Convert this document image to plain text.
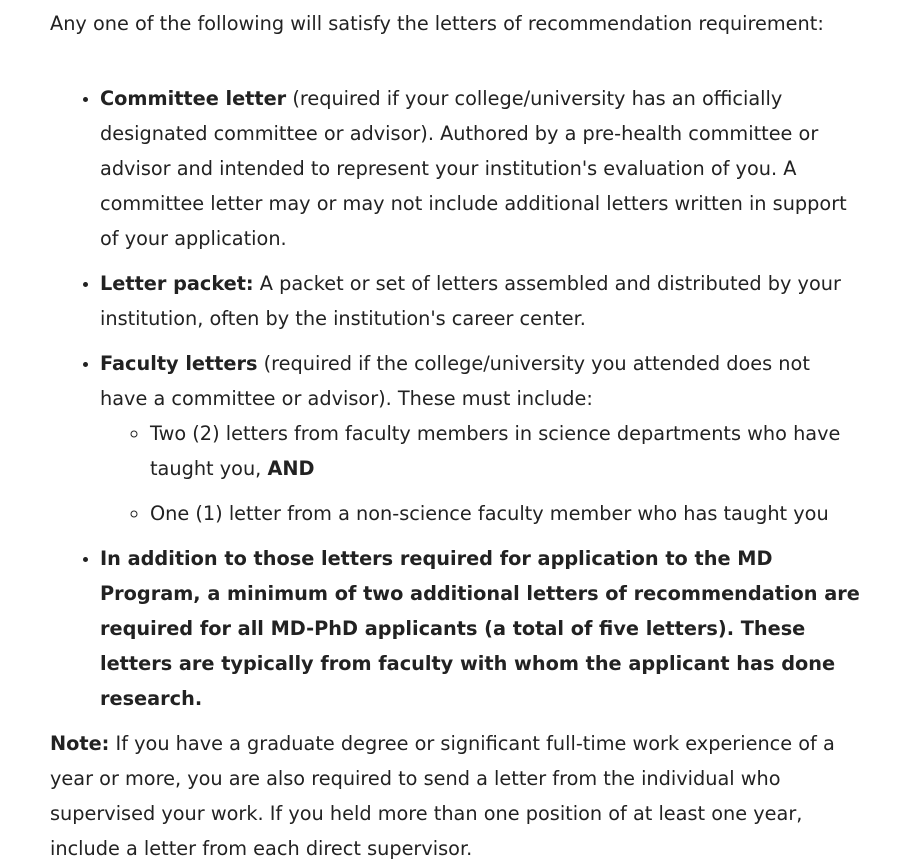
Any one of the following will satisfy the letters of recommendation requirement:

• Committee letter (required if your college/university has an officially designated committee or advisor). Authored by a pre-health committee or advisor and intended to represent your institution's evaluation of you. A committee letter may or may not include additional letters written in support of your application.
• Letter packet: A packet or set of letters assembled and distributed by your institution, often by the institution's career center.
• Faculty letters (required if the college/university you attended does not have a committee or advisor). These must include:
◦ Two (2) letters from faculty members in science departments who have taught you, AND
◦ One (1) letter from a non-science faculty member who has taught you
• In addition to those letters required for application to the MD Program, a minimum of two additional letters of recommendation are required for all MD-PhD applicants (a total of five letters). These letters are typically from faculty with whom the applicant has done research.

Note: If you have a graduate degree or significant full-time work experience of a year or more, you are also required to send a letter from the individual who supervised your work. If you held more than one position of at least one year, include a letter from each direct supervisor.
